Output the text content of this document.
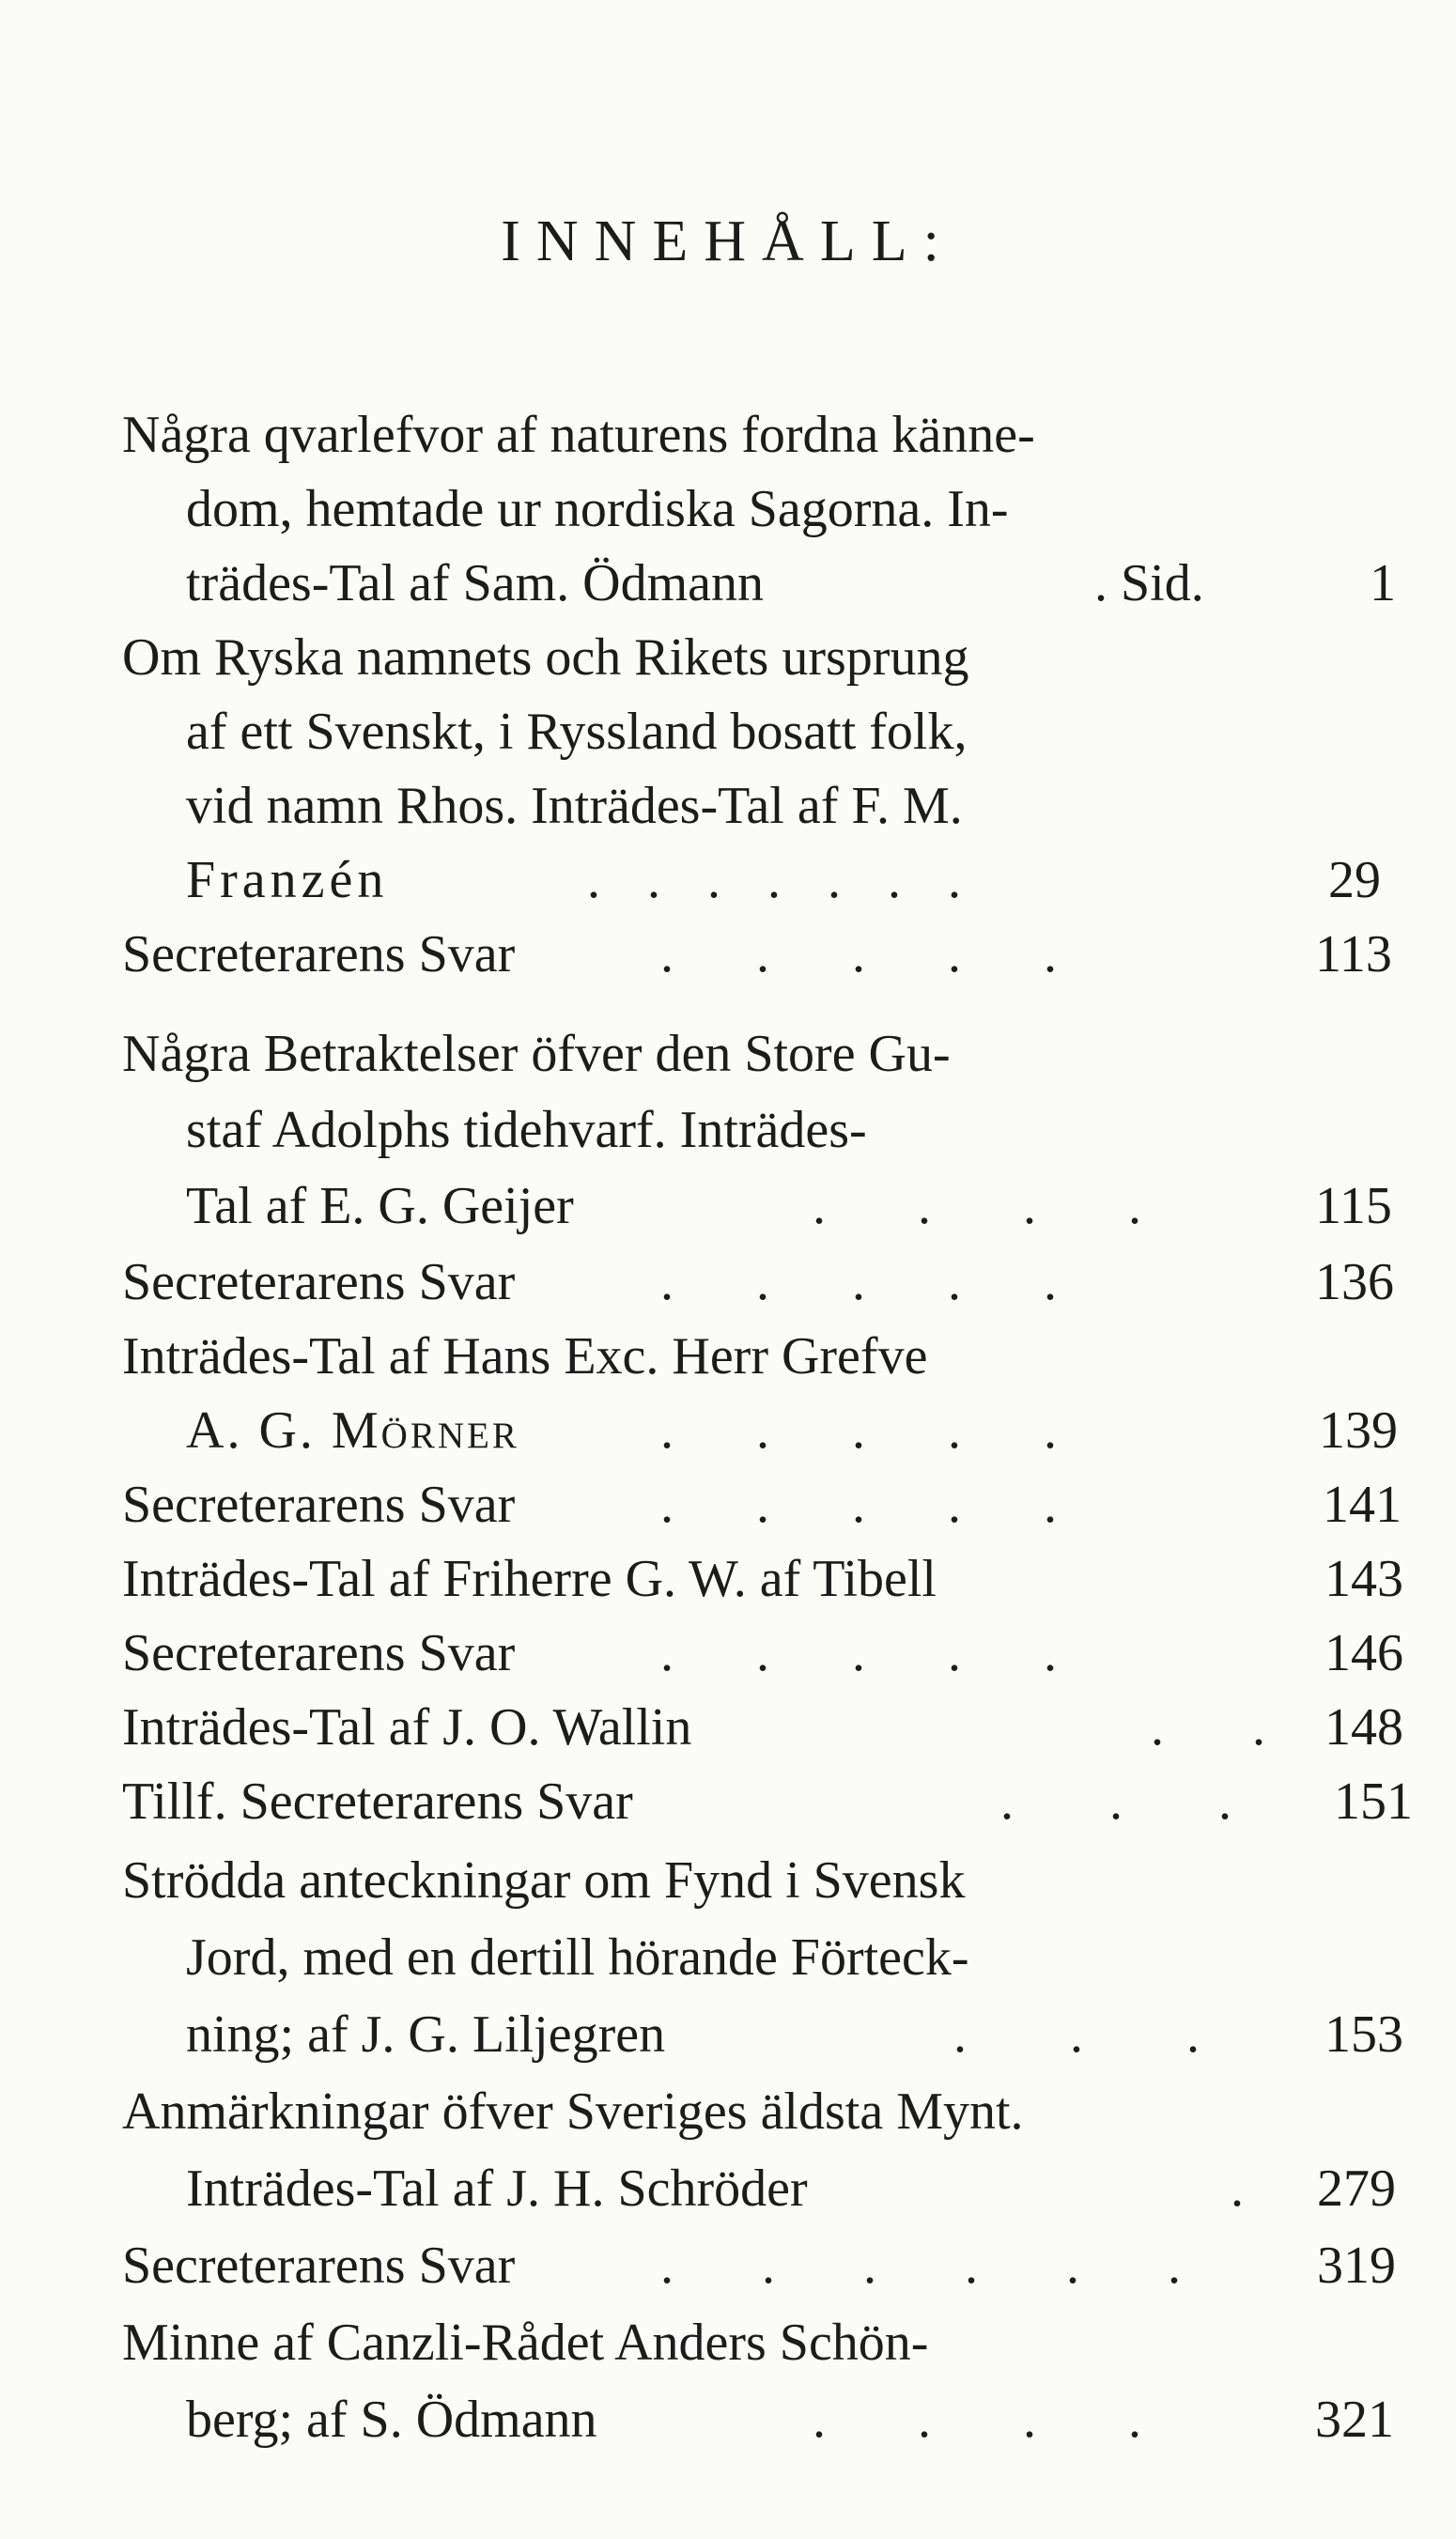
INNEHÅLL:
Några qvarlefvor af naturens fordna känne-
dom, hemtade ur nordiska Sagorna. In-
trädes-Tal af Sam. Ödmann	. Sid.	1
Om Ryska namnets och Rikets ursprung
af ett Svenskt, i Ryssland bosatt folk,
vid namn Rhos. Inträdes-Tal af F. M.
Franzén	. . . . . . .	29
Secreterarens Svar	. . . . .	113
Några Betraktelser öfver den Store Gu-
staf Adolphs tidehvarf. Inträdes-
Tal af E. G. Geijer	. . . .	115
Secreterarens Svar	. . . . .	136
Inträdes-Tal af Hans Exc. Herr Grefve
A. G. Mörner	. . . . .	139
Secreterarens Svar	. . . . .	141
Inträdes-Tal af Friherre G. W. af Tibell	143
Secreterarens Svar	. . . . .	146
Inträdes-Tal af J. O. Wallin	. . 148
Tillf. Secreterarens Svar	. . . 151
Strödda anteckningar om Fynd i Svensk
Jord, med en dertill hörande Förteck-
ning; af J. G. Liljegren	. . . 153
Anmärkningar öfver Sveriges äldsta Mynt.
Inträdes-Tal af J. H. Schröder	. 279
Secreterarens Svar	. . . . . . 319
Minne af Canzli-Rådet Anders Schön-
berg; af S. Ödmann	. . . .	321
